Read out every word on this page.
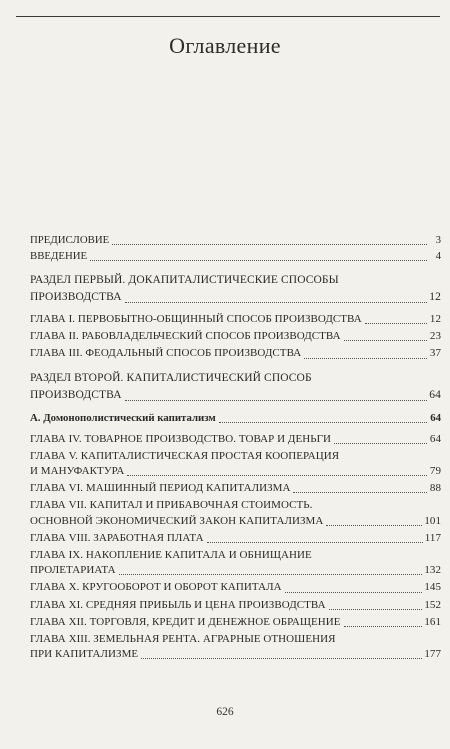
Оглавление
ПРЕДИСЛОВИЕ	3
ВВЕДЕНИЕ	4
РАЗДЕЛ ПЕРВЫЙ. ДОКАПИТАЛИСТИЧЕСКИЕ СПОСОБЫ
ПРОИЗВОДСТВА	12
ГЛАВА I. ПЕРВОБЫТНО-ОБЩИННЫЙ СПОСОБ ПРОИЗВОДСТВА	12
ГЛАВА II. РАБОВЛАДЕЛЬЧЕСКИЙ СПОСОБ ПРОИЗВОДСТВА	23
ГЛАВА III. ФЕОДАЛЬНЫЙ СПОСОБ ПРОИЗВОДСТВА	37
РАЗДЕЛ ВТОРОЙ. КАПИТАЛИСТИЧЕСКИЙ СПОСОБ
ПРОИЗВОДСТВА	64
А. Домонополистический капитализм	64
ГЛАВА IV. ТОВАРНОЕ ПРОИЗВОДСТВО. ТОВАР И ДЕНЬГИ	64
ГЛАВА V. КАПИТАЛИСТИЧЕСКАЯ ПРОСТАЯ КООПЕРАЦИЯ
И МАНУФАКТУРА	79
ГЛАВА VI. МАШИННЫЙ ПЕРИОД КАПИТАЛИЗМА	88
ГЛАВА VII. КАПИТАЛ И ПРИБАВОЧНАЯ СТОИМОСТЬ.
ОСНОВНОЙ ЭКОНОМИЧЕСКИЙ ЗАКОН КАПИТАЛИЗМА	101
ГЛАВА VIII. ЗАРАБОТНАЯ ПЛАТА	117
ГЛАВА IX. НАКОПЛЕНИЕ КАПИТАЛА И ОБНИЩАНИЕ
ПРОЛЕТАРИАТА	132
ГЛАВА X. КРУГООБОРОТ И ОБОРОТ КАПИТАЛА	145
ГЛАВА XI. СРЕДНЯЯ ПРИБЫЛЬ И ЦЕНА ПРОИЗВОДСТВА	152
ГЛАВА XII. ТОРГОВЛЯ, КРЕДИТ И ДЕНЕЖНОЕ ОБРАЩЕНИЕ	161
ГЛАВА XIII. ЗЕМЕЛЬНАЯ РЕНТА. АГРАРНЫЕ ОТНОШЕНИЯ
ПРИ КАПИТАЛИЗМЕ	177
626
